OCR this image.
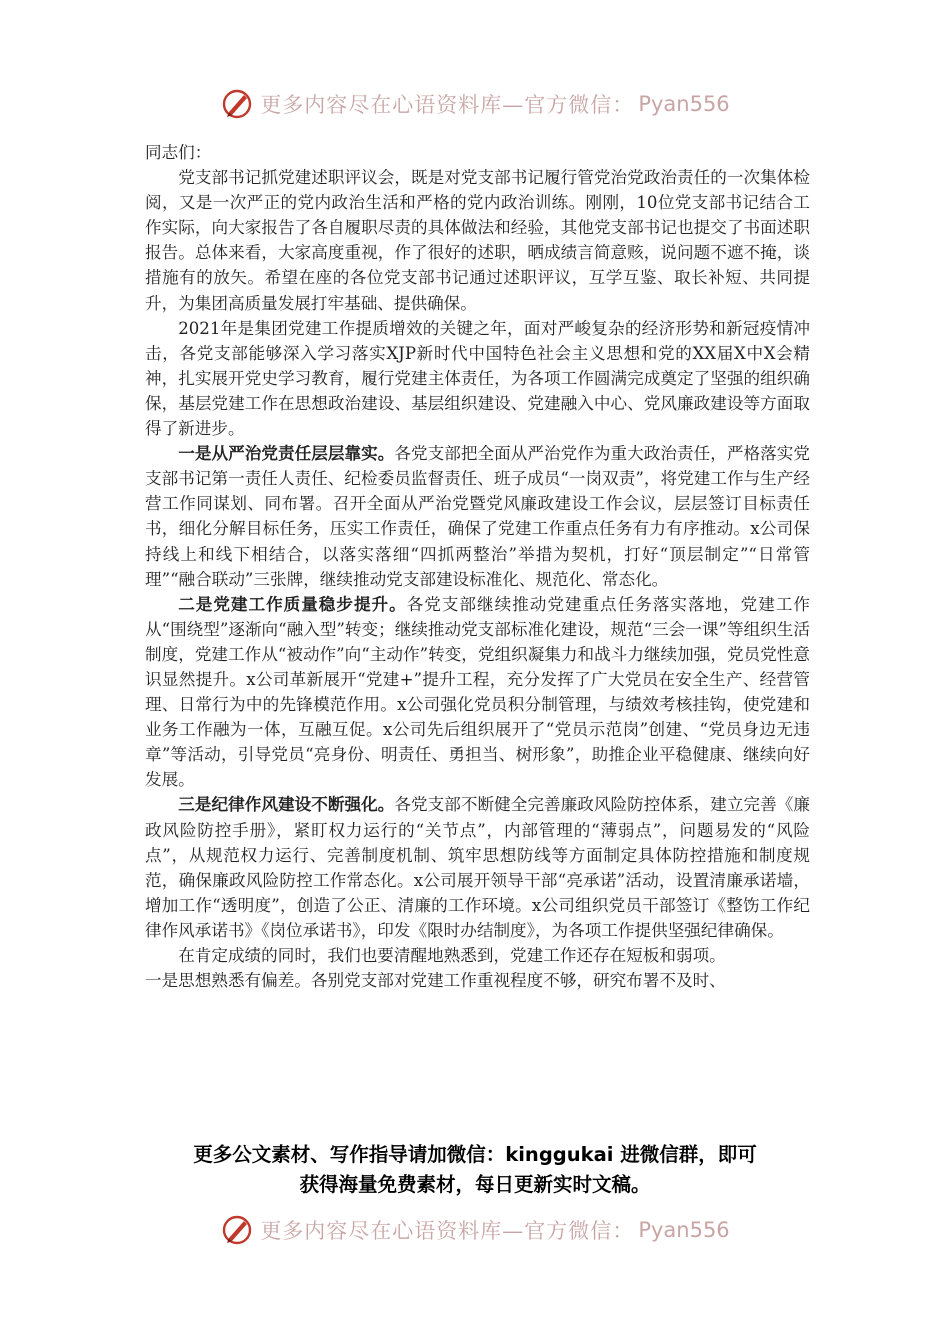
更多内容尽在心语资料库—官方微信： Pyan556

同志们：

党支部书记抓党建述职评议会，既是对党支部书记履行管党治党政治责任的一次集体检阅，又是一次严正的党内政治生活和严格的党内政治训练。刚刚，10位党支部书记结合工作实际，向大家报告了各自履职尽责的具体做法和经验，其他党支部书记也提交了书面述职报告。总体来看，大家高度重视，作了很好的述职，晒成绩言简意赅，说问题不遮不掩，谈措施有的放矢。希望在座的各位党支部书记通过述职评议，互学互鉴、取长补短、共同提升，为集团高质量发展打牢基础、提供确保。

2021年是集团党建工作提质增效的关键之年，面对严峻复杂的经济形势和新冠疫情冲击，各党支部能够深入学习落实XJP新时代中国特色社会主义思想和党的XX届X中X会精神，扎实展开党史学习教育，履行党建主体责任，为各项工作圆满完成奠定了坚强的组织确保，基层党建工作在思想政治建设、基层组织建设、党建融入中心、党风廉政建设等方面取得了新进步。

一是从严治党责任层层靠实。各党支部把全面从严治党作为重大政治责任，严格落实党支部书记第一责任人责任、纪检委员监督责任、班子成员“一岗双责”，将党建工作与生产经营工作同谋划、同布署。召开全面从严治党暨党风廉政建设工作会议，层层签订目标责任书，细化分解目标任务，压实工作责任，确保了党建工作重点任务有力有序推动。x公司保持线上和线下相结合，以落实落细“四抓两整治”举措为契机，打好“顶层制定”“日常管理”“融合联动”三张牌，继续推动党支部建设标准化、规范化、常态化。

二是党建工作质量稳步提升。各党支部继续推动党建重点任务落实落地，党建工作从“围绕型”逐渐向“融入型”转变；继续推动党支部标准化建设，规范“三会一课”等组织生活制度，党建工作从“被动作”向“主动作”转变，党组织凝集力和战斗力继续加强，党员党性意识显然提升。x公司革新展开“党建+”提升工程，充分发挥了广大党员在安全生产、经营管理、日常行为中的先锋模范作用。x公司强化党员积分制管理，与绩效考核挂钩，使党建和业务工作融为一体，互融互促。x公司先后组织展开了“党员示范岗”创建、“党员身边无违章”等活动，引导党员“亮身份、明责任、勇担当、树形象”，助推企业平稳健康、继续向好发展。

三是纪律作风建设不断强化。各党支部不断健全完善廉政风险防控体系，建立完善《廉政风险防控手册》，紧盯权力运行的“关节点”，内部管理的“薄弱点”，问题易发的“风险点”，从规范权力运行、完善制度机制、筑牢思想防线等方面制定具体防控措施和制度规范，确保廉政风险防控工作常态化。x公司展开领导干部“亮承诺”活动，设置清廉承诺墙，增加工作“透明度”，创造了公正、清廉的工作环境。x公司组织党员干部签订《整饬工作纪律作风承诺书》《岗位承诺书》，印发《限时办结制度》，为各项工作提供坚强纪律确保。

在肯定成绩的同时，我们也要清醒地熟悉到，党建工作还存在短板和弱项。

一是思想熟悉有偏差。各别党支部对党建工作重视程度不够，研究布署不及时、

更多公文素材、写作指导请加微信：kinggukai 进微信群，即可
获得海量免费素材，每日更新实时文稿。
更多内容尽在心语资料库—官方微信： Pyan556
